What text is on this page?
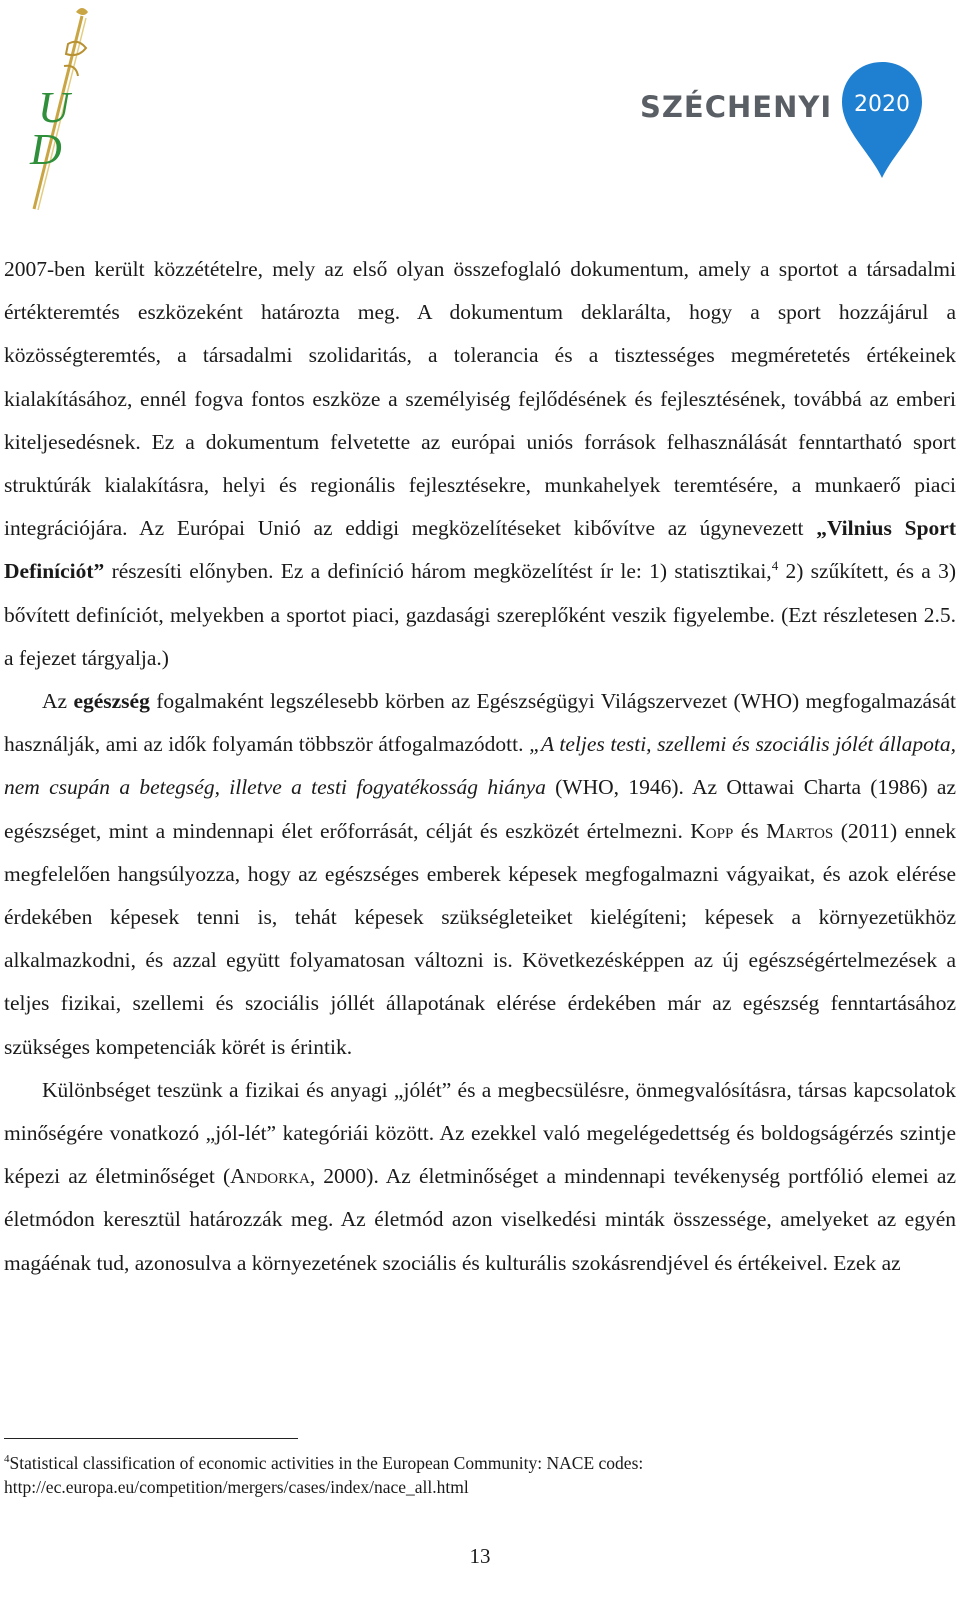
U
D
SZÉCHENYI 2020

2007-ben került közzétételre, mely az első olyan összefoglaló dokumentum, amely a sportot a társadalmi értékteremtés eszközeként határozta meg. A dokumentum deklarálta, hogy a sport hozzájárul a közösségteremtés, a társadalmi szolidaritás, a tolerancia és a tisztességes megméretetés értékeinek kialakításához, ennél fogva fontos eszköze a személyiség fejlődésének és fejlesztésének, továbbá az emberi kiteljesedésnek. Ez a dokumentum felvetette az európai uniós források felhasználását fenntartható sport struktúrák kialakításra, helyi és regionális fejlesztésekre, munkahelyek teremtésére, a munkaerő piaci integrációjára. Az Európai Unió az eddigi megközelítéseket kibővítve az úgynevezett „Vilnius Sport Definíciót” részesíti előnyben. Ez a definíció három megközelítést ír le: 1) statisztikai,$^4$ 2) szűkített, és a 3) bővített definíciót, melyekben a sportot piaci, gazdasági szereplőként veszik figyelembe. (Ezt részletesen 2.5. a fejezet tárgyalja.)

Az egészség fogalmaként legszélesebb körben az Egészségügyi Világszervezet (WHO) megfogalmazását használják, ami az idők folyamán többször átfogalmazódott. „A teljes testi, szellemi és szociális jólét állapota, nem csupán a betegség, illetve a testi fogyatékosság hiánya (WHO, 1946). Az Ottawai Charta (1986) az egészséget, mint a mindennapi élet erőforrását, célját és eszközét értelmezni. Kopp és Martos (2011) ennek megfelelően hangsúlyozza, hogy az egészséges emberek képesek megfogalmazni vágyaikat, és azok elérése érdekében képesek tenni is, tehát képesek szükségleteiket kielégíteni; képesek a környezetükhöz alkalmazkodni, és azzal együtt folyamatosan változni is. Következésképpen az új egészségértelmezések a teljes fizikai, szellemi és szociális jóllét állapotának elérése érdekében már az egészség fenntartásához szükséges kompetenciák körét is érintik.

Különbséget teszünk a fizikai és anyagi „jólét” és a megbecsülésre, önmegvalósításra, társas kapcsolatok minőségére vonatkozó „jól-lét” kategóriái között. Az ezekkel való megelégedettség és boldogságérzés szintje képezi az életminőséget (Andorka, 2000). Az életminőséget a mindennapi tevékenység portfólió elemei az életmódon keresztül határozzák meg. Az életmód azon viselkedési minták összessége, amelyeket az egyén magáénak tud, azonosulva a környezetének szociális és kulturális szokásrendjével és értékeivel. Ezek az

$^4$Statistical classification of economic activities in the European Community: NACE codes: http://ec.europa.eu/competition/mergers/cases/index/nace_all.html
13
